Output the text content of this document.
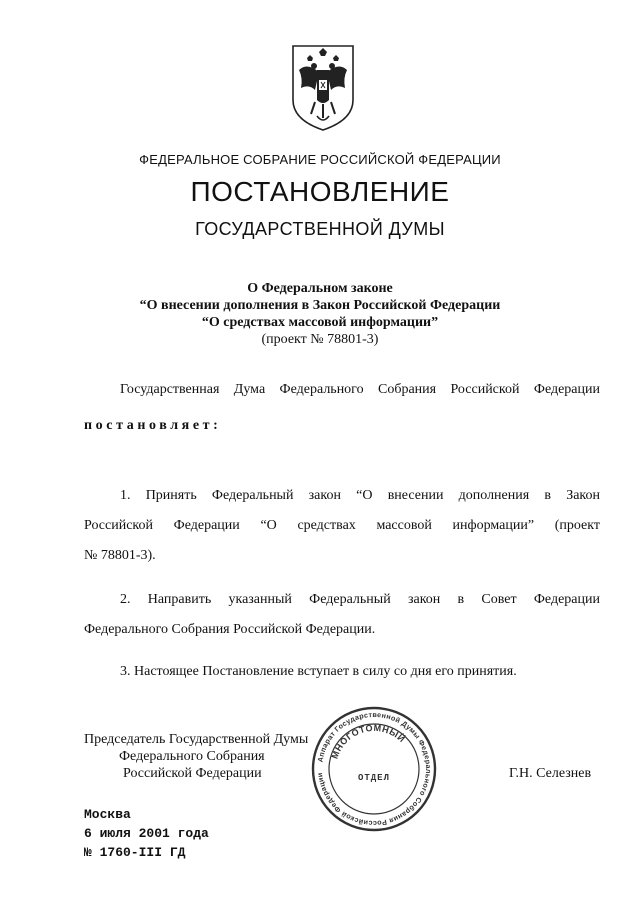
ФЕДЕРАЛЬНОЕ СОБРАНИЕ РОССИЙСКОЙ ФЕДЕРАЦИИ
ПОСТАНОВЛЕНИЕ
ГОСУДАРСТВЕННОЙ ДУМЫ
О Федеральном законе
“О внесении дополнения в Закон Российской Федерации
“О средствах массовой информации”
(проект № 78801-3)
Государственная Дума Федерального Собрания Российской Федерации
постановляет:
1. Принять Федеральный закон “О внесении дополнения в Закон
Российской Федерации “О средствах массовой информации” (проект
№ 78801-3).
2. Направить указанный Федеральный закон в Совет Федерации
Федерального Собрания Российской Федерации.
3. Настоящее Постановление вступает в силу со дня его принятия.
Аппарат Государственной Думы Федерального Собрания Российской Федерации
МНОГОТОМНЫЙ
ОТДЕЛ
Председатель Государственной Думы
Федерального Собрания
Российской Федерации	Г.Н. Селезнев
Москва
6 июля 2001 года
№ 1760-III ГД
